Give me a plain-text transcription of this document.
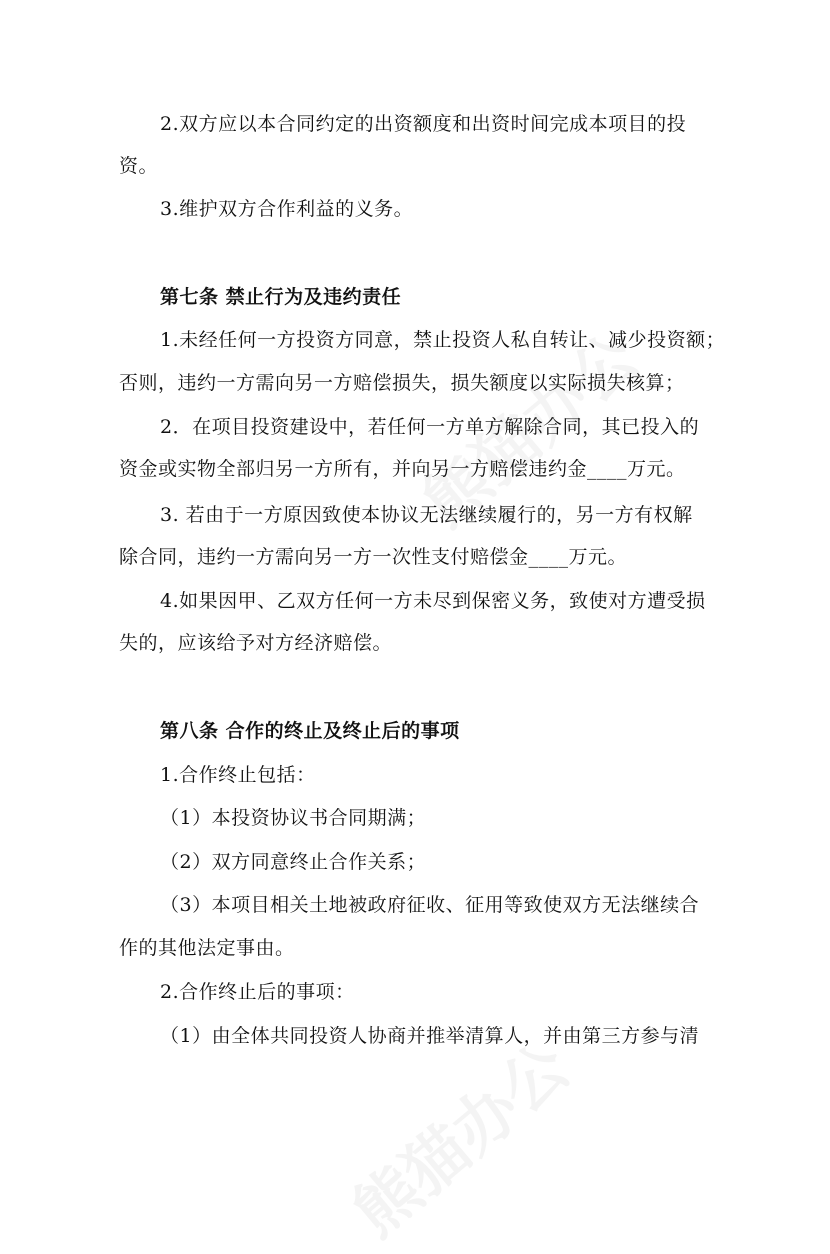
2.双方应以本合同约定的出资额度和出资时间完成本项目的投
资。
3.维护双方合作利益的义务。
第七条 禁止行为及违约责任
1.未经任何一方投资方同意，禁止投资人私自转让、减少投资额；
否则，违约一方需向另一方赔偿损失，损失额度以实际损失核算；
2．在项目投资建设中，若任何一方单方解除合同，其已投入的
资金或实物全部归另一方所有，并向另一方赔偿违约金____万元。
3. 若由于一方原因致使本协议无法继续履行的，另一方有权解
除合同，违约一方需向另一方一次性支付赔偿金____万元。
4.如果因甲、乙双方任何一方未尽到保密义务，致使对方遭受损
失的，应该给予对方经济赔偿。
第八条 合作的终止及终止后的事项
1.合作终止包括：
（1）本投资协议书合同期满；
（2）双方同意终止合作关系；
（3）本项目相关土地被政府征收、征用等致使双方无法继续合
作的其他法定事由。
2.合作终止后的事项：
（1）由全体共同投资人协商并推举清算人，并由第三方参与清
